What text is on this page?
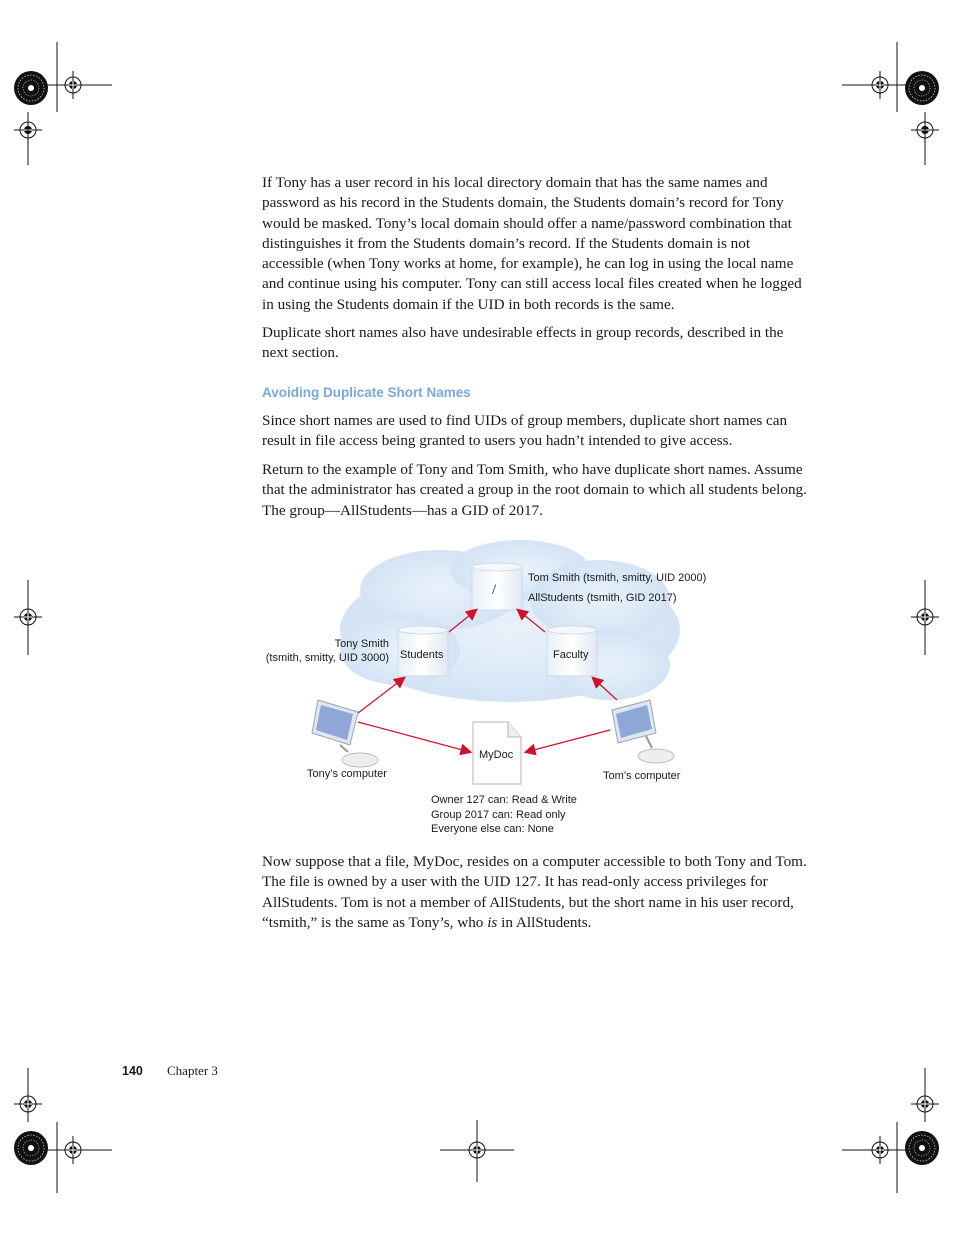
If Tony has a user record in his local directory domain that has the same names and password as his record in the Students domain, the Students domain’s record for Tony would be masked. Tony’s local domain should offer a name/password combination that distinguishes it from the Students domain’s record. If the Students domain is not accessible (when Tony works at home, for example), he can log in using the local name and continue using his computer. Tony can still access local files created when he logged in using the Students domain if the UID in both records is the same.

Duplicate short names also have undesirable effects in group records, described in the next section.

Avoiding Duplicate Short Names

Since short names are used to find UIDs of group members, duplicate short names can result in file access being granted to users you hadn’t intended to give access.

Return to the example of Tony and Tom Smith, who have duplicate short names. Assume that the administrator has created a group in the root domain to which all students belong. The group—AllStudents—has a GID of 2017.

/
Tom Smith (tsmith, smitty, UID 2000)
AllStudents (tsmith, GID 2017)
Students	Faculty
Tony Smith
(tsmith, smitty, UID 3000)
MyDoc
Tony’s computer	Tom’s computer
Owner 127 can: Read & Write
Group 2017 can: Read only
Everyone else can: None

Now suppose that a file, MyDoc, resides on a computer accessible to both Tony and Tom. The file is owned by a user with the UID 127. It has read-only access privileges for AllStudents. Tom is not a member of AllStudents, but the short name in his user record, “tsmith,” is the same as Tony’s, who is in AllStudents.

140 Chapter 3
